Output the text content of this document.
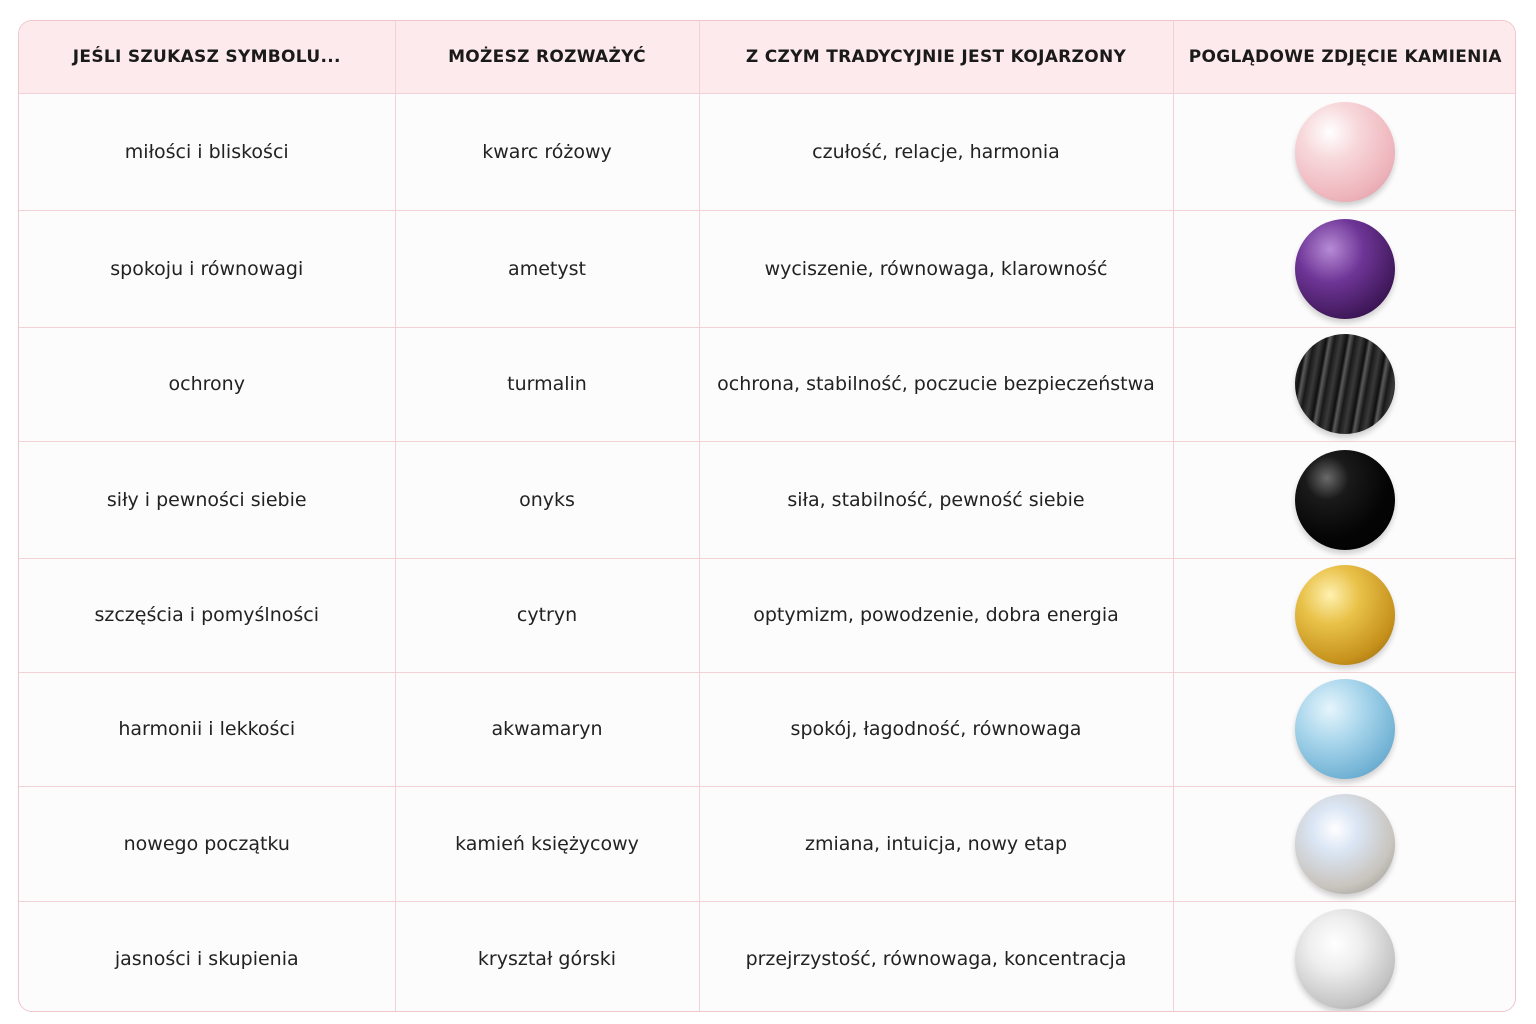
JEŚLI SZUKASZ SYMBOLU...	MOŻESZ ROZWAŻYĆ	Z CZYM TRADYCYJNIE JEST KOJARZONY	POGLĄDOWE ZDJĘCIE KAMIENIA
miłości i bliskości	kwarc różowy	czułość, relacje, harmonia	
spokoju i równowagi	ametyst	wyciszenie, równowaga, klarowność	
ochrony	turmalin	ochrona, stabilność, poczucie bezpieczeństwa	
siły i pewności siebie	onyks	siła, stabilność, pewność siebie	
szczęścia i pomyślności	cytryn	optymizm, powodzenie, dobra energia	
harmonii i lekkości	akwamaryn	spokój, łagodność, równowaga	
nowego początku	kamień księżycowy	zmiana, intuicja, nowy etap	
jasności i skupienia	kryształ górski	przejrzystość, równowaga, koncentracja	
